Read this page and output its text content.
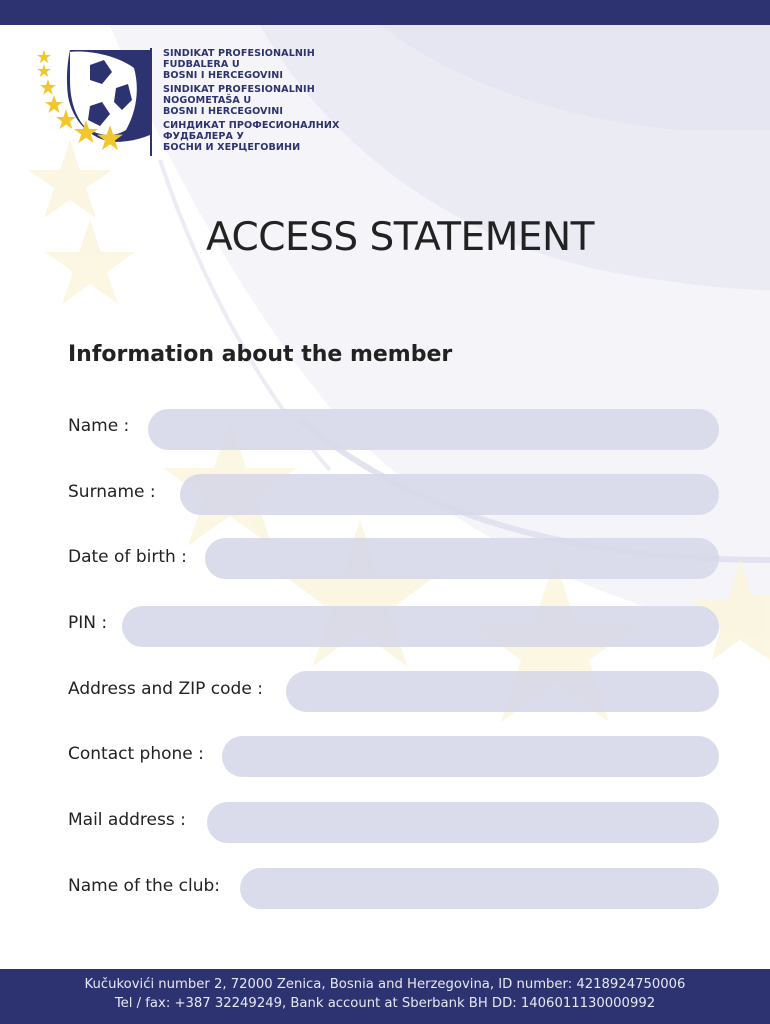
SINDIKAT PROFESIONALNIH
FUDBALERA U
BOSNI I HERCEGOVINI
SINDIKAT PROFESIONALNIH
NOGOMETAŠA U
BOSNI I HERCEGOVINI
СИНДИКАТ ПРОФЕСИОНАЛНИХ
ФУДБАЛЕРА У
БОСНИ И ХЕРЦЕГОВИНИ
ACCESS STATEMENT
Information about the member
Name :
Surname :
Date of birth :
PIN :
Address and ZIP code :
Contact phone :
Mail address :
Name of the club:
Kučukovići number 2, 72000 Zenica, Bosnia and Herzegovina, ID number: 4218924750006
Tel / fax: +387 32249249, Bank account at Sberbank BH DD: 1406011130000992
